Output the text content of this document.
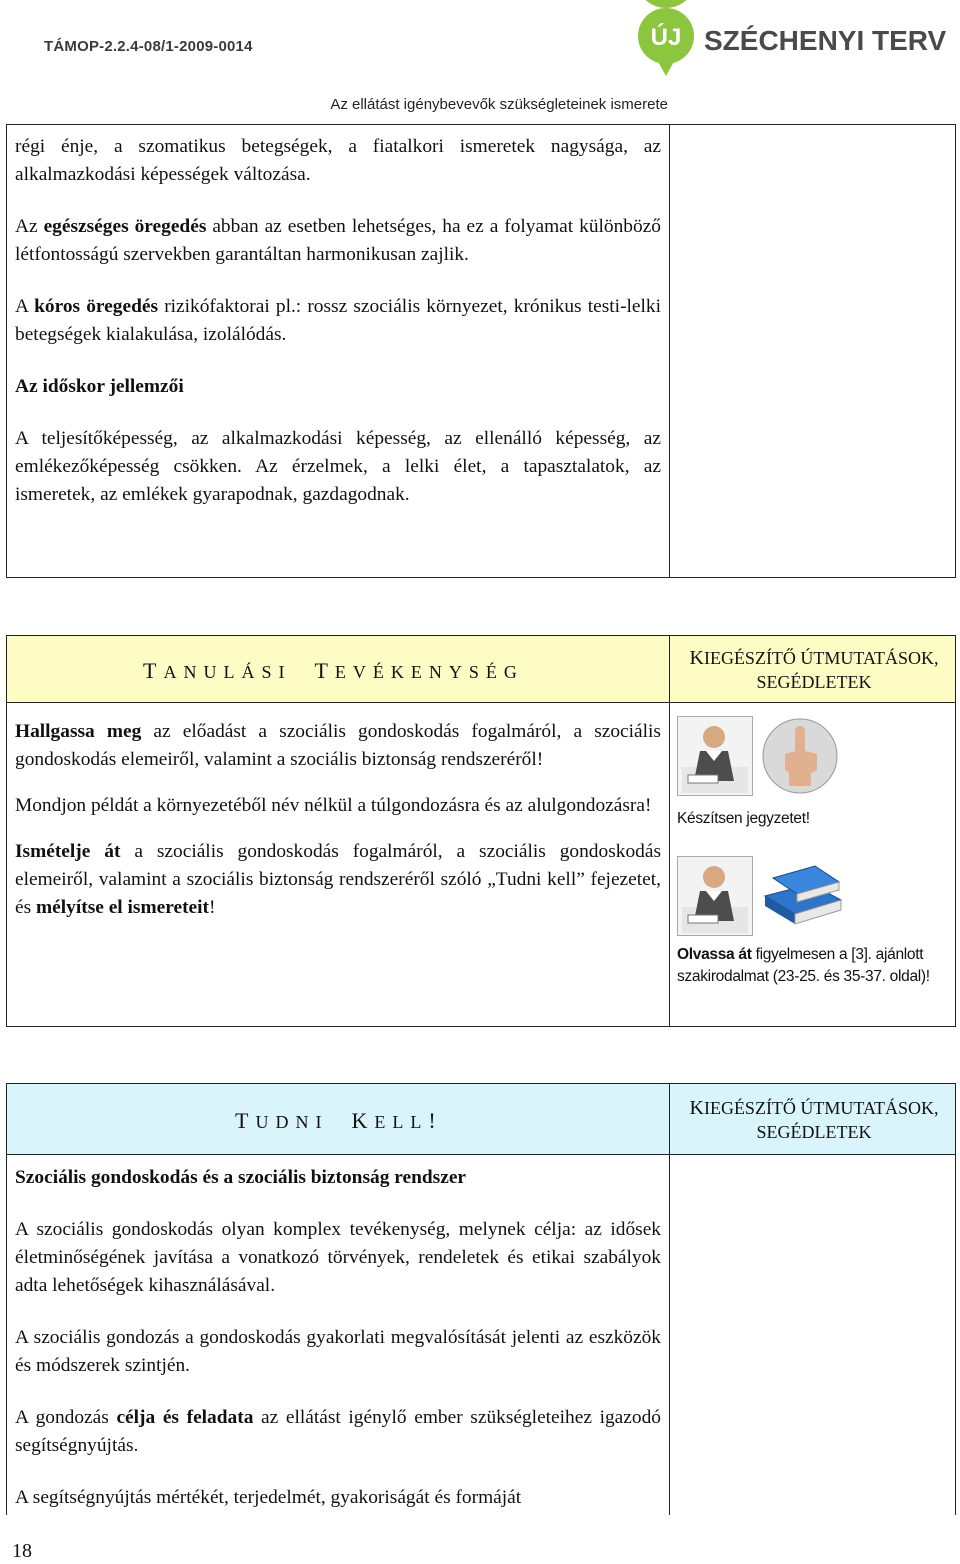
TÁMOP-2.2.4-08/1-2009-0014	ÚJ SZÉCHENYI TERV
Az ellátást igénybevevők szükségleteinek ismerete

régi énje, a szomatikus betegségek, a fiatalkori ismeretek nagysága, az alkalmazkodási képességek változása.

Az egészséges öregedés abban az esetben lehetséges, ha ez a folyamat különböző létfontosságú szervekben garantáltan harmonikusan zajlik.

A kóros öregedés rizikófaktorai pl.: rossz szociális környezet, krónikus testi-lelki betegségek kialakulása, izolálódás.

Az időskor jellemzői

A teljesítőképesség, az alkalmazkodási képesség, az ellenálló képesség, az emlékezőképesség csökken. Az érzelmek, a lelki élet, a tapasztalatok, az ismeretek, az emlékek gyarapodnak, gazdagodnak.

TANULÁSI TEVÉKENYSÉG
KIEGÉSZÍTŐ ÚTMUTATÁSOK,
SEGÉDLETEK

Hallgassa meg az előadást a szociális gondoskodás fogalmáról, a szociális gondoskodás elemeiről, valamint a szociális biztonság rendszeréről!

Mondjon példát a környezetéből név nélkül a túlgondozásra és az alulgondozásra!

Ismételje át a szociális gondoskodás fogalmáról, a szociális gondoskodás elemeiről, valamint a szociális biztonság rendszeréről szóló „Tudni kell” fejezetet, és mélyítse el ismereteit!

Készítsen jegyzetet!
Olvassa át figyelmesen a [3]. ajánlott szakirodalmat (23-25. és 35-37. oldal)!
TUDNI KELL!	KIEGÉSZÍTŐ ÚTMUTATÁSOK,
SEGÉDLETEK

Szociális gondoskodás és a szociális biztonság rendszer

A szociális gondoskodás olyan komplex tevékenység, melynek célja: az idősek életminőségének javítása a vonatkozó törvények, rendeletek és etikai szabályok adta lehetőségek kihasználásával.

A szociális gondozás a gondoskodás gyakorlati megvalósítását jelenti az eszközök és módszerek szintjén.

A gondozás célja és feladata az ellátást igénylő ember szükségleteihez igazodó segítségnyújtás.

A segítségnyújtás mértékét, terjedelmét, gyakoriságát és formáját

18
